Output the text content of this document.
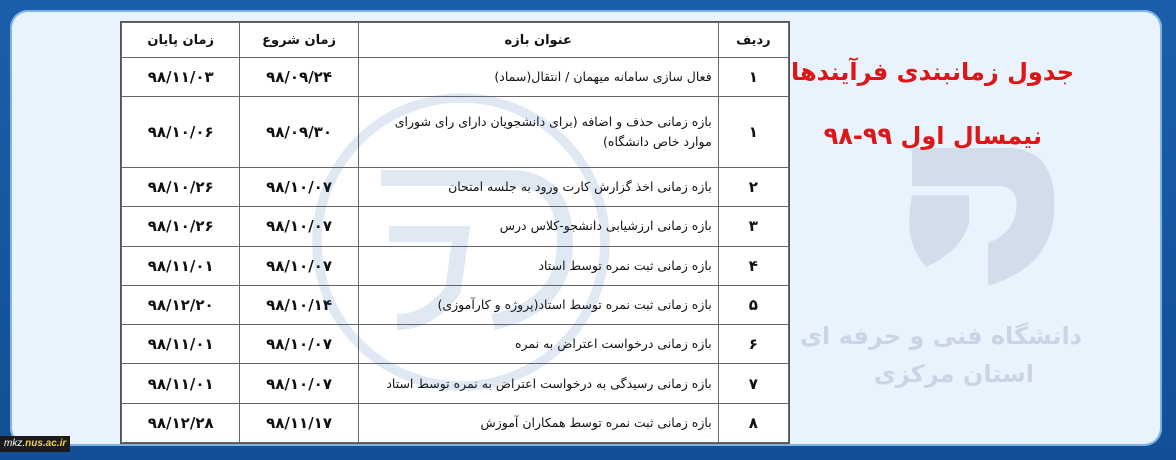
دانشگاه فنی و حرفه ای
استان مرکزی
جدول زمانبندی فرآیندها
نیمسال اول ۹۹-۹۸
ردیف	عنوان بازه	زمان شروع	زمان پایان
۱	فعال سازی سامانه میهمان / انتقال(سماد)	۹۸/۰۹/۲۴	۹۸/۱۱/۰۳
۱	بازه زمانی حذف و اضافه (برای دانشجویان دارای رای شورای موارد خاص دانشگاه)	۹۸/۰۹/۳۰	۹۸/۱۰/۰۶
۲	بازه زمانی اخذ گزارش کارت ورود به جلسه امتحان	۹۸/۱۰/۰۷	۹۸/۱۰/۲۶
۳	بازه زمانی ارزشیابی دانشجو-کلاس درس	۹۸/۱۰/۰۷	۹۸/۱۰/۲۶
۴	بازه زمانی ثبت نمره توسط استاد	۹۸/۱۰/۰۷	۹۸/۱۱/۰۱
۵	بازه زمانی ثبت نمره توسط استاد(پروژه و کارآموزی)	۹۸/۱۰/۱۴	۹۸/۱۲/۲۰
۶	بازه زمانی درخواست اعتراض به نمره	۹۸/۱۰/۰۷	۹۸/۱۱/۰۱
۷	بازه زمانی رسیدگی به درخواست اعتراض به نمره توسط استاد	۹۸/۱۰/۰۷	۹۸/۱۱/۰۱
۸	بازه زمانی ثبت نمره توسط همکاران آموزش	۹۸/۱۱/۱۷	۹۸/۱۲/۲۸
mkz.nus.ac.ir
